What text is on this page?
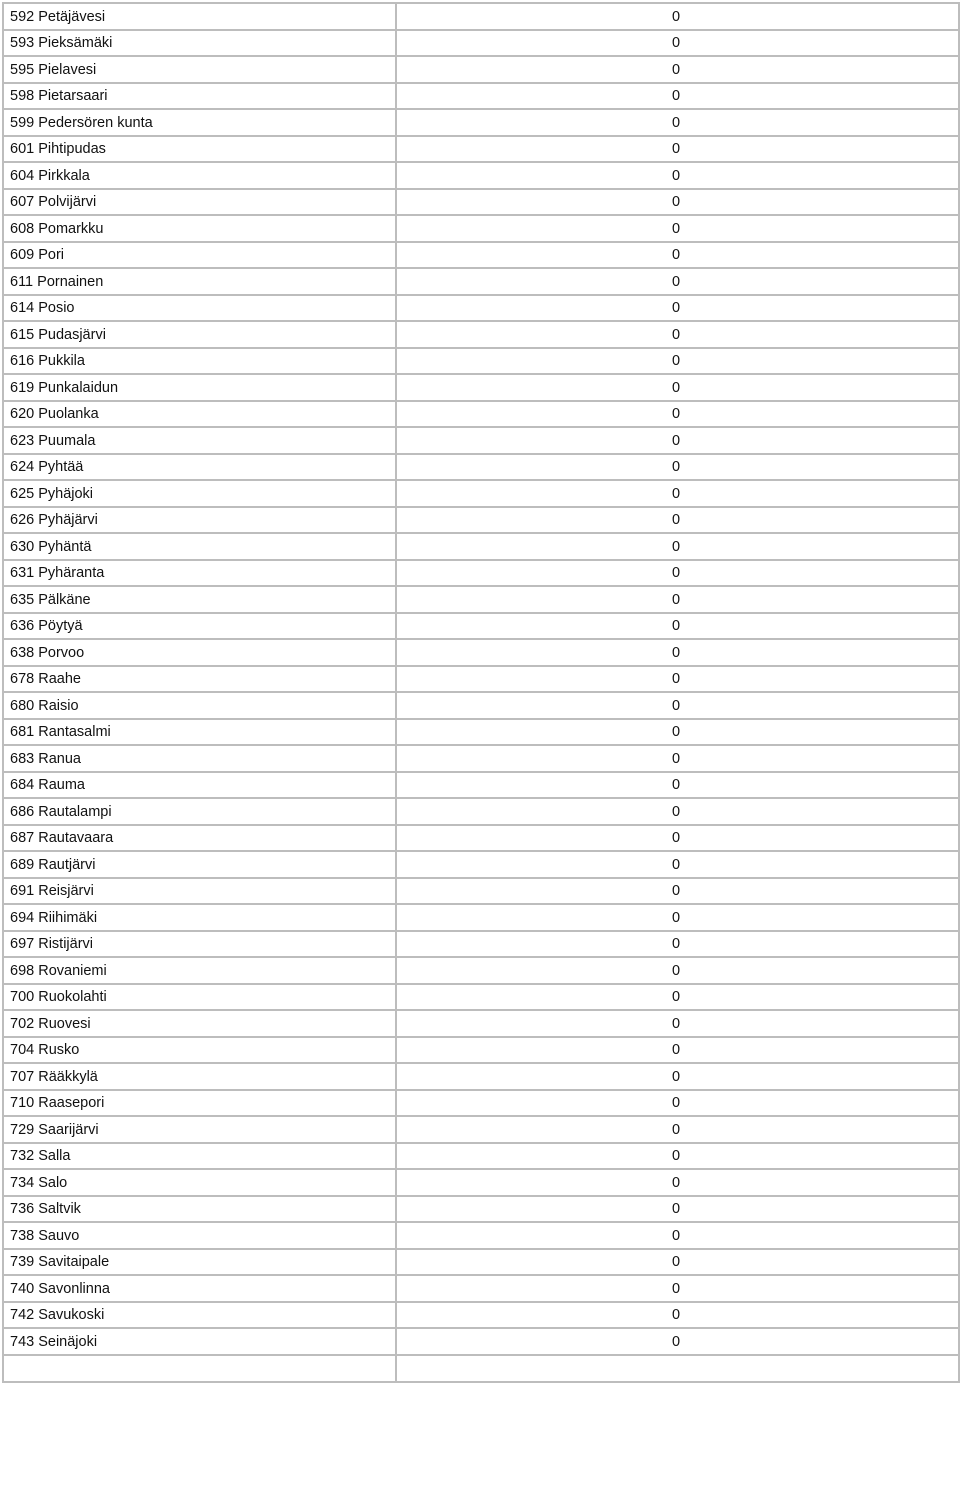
592 Petäjävesi	0
593 Pieksämäki	0
595 Pielavesi	0
598 Pietarsaari	0
599 Pedersören kunta	0
601 Pihtipudas	0
604 Pirkkala	0
607 Polvijärvi	0
608 Pomarkku	0
609 Pori	0
611 Pornainen	0
614 Posio	0
615 Pudasjärvi	0
616 Pukkila	0
619 Punkalaidun	0
620 Puolanka	0
623 Puumala	0
624 Pyhtää	0
625 Pyhäjoki	0
626 Pyhäjärvi	0
630 Pyhäntä	0
631 Pyhäranta	0
635 Pälkäne	0
636 Pöytyä	0
638 Porvoo	0
678 Raahe	0
680 Raisio	0
681 Rantasalmi	0
683 Ranua	0
684 Rauma	0
686 Rautalampi	0
687 Rautavaara	0
689 Rautjärvi	0
691 Reisjärvi	0
694 Riihimäki	0
697 Ristijärvi	0
698 Rovaniemi	0
700 Ruokolahti	0
702 Ruovesi	0
704 Rusko	0
707 Rääkkylä	0
710 Raasepori	0
729 Saarijärvi	0
732 Salla	0
734 Salo	0
736 Saltvik	0
738 Sauvo	0
739 Savitaipale	0
740 Savonlinna	0
742 Savukoski	0
743 Seinäjoki	0
